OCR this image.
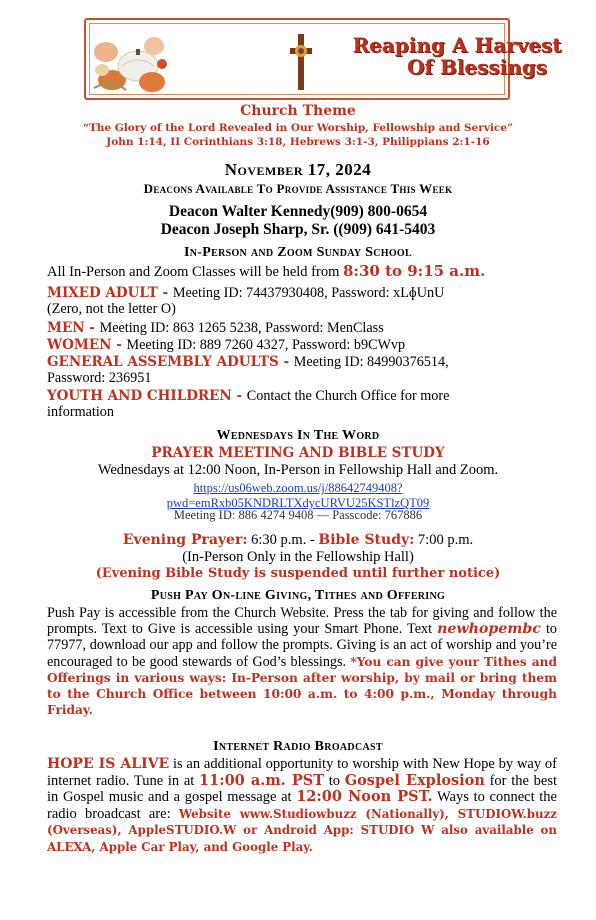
Reaping A Harvest
Of Blessings
Church Theme
“The Glory of the Lord Revealed in Our Worship, Fellowship and Service”
John 1:14, II Corinthians 3:18, Hebrews 3:1-3, Philippians 2:1-16
November 17, 2024
Deacons Available To Provide Assistance This Week
Deacon Walter Kennedy(909) 800-0654
Deacon Joseph Sharp, Sr. ((909) 641-5403
In-Person and Zoom Sunday School
All In-Person and Zoom Classes will be held from 8:30 to 9:15 a.m.
MIXED ADULT - Meeting ID: 74437930408, Password: xLɸUnU
(Zero, not the letter O)
MEN - Meeting ID: 863 1265 5238, Password: MenClass
WOMEN - Meeting ID: 889 7260 4327, Password: b9CWvp
GENERAL ASSEMBLY ADULTS - Meeting ID: 84990376514,
Password: 236951
YOUTH AND CHILDREN - Contact the Church Office for more
information
Wednesdays In The Word
PRAYER MEETING AND BIBLE STUDY
Wednesdays at 12:00 Noon, In-Person in Fellowship Hall and Zoom.
https://us06web.zoom.us/j/88642749408?
pwd=emRxb05KNDRLTXdycURVU25KSTlzQT09
Meeting ID: 886 4274 9408 — Passcode: 767886
Evening Prayer: 6:30 p.m. - Bible Study: 7:00 p.m.
(In-Person Only in the Fellowship Hall)
(Evening Bible Study is suspended until further notice)
Push Pay On-line Giving, Tithes and Offering
Push Pay is accessible from the Church Website. Press the tab for giving and follow the prompts. Text to Give is accessible using your Smart Phone. Text newhopembc to 77977, download our app and follow the prompts. Giving is an act of worship and you’re encouraged to be good stewards of God’s blessings. *You can give your Tithes and Offerings in various ways: In-Person after worship, by mail or bring them to the Church Office between 10:00 a.m. to 4:00 p.m., Monday through Friday.
Internet Radio Broadcast
HOPE IS ALIVE is an additional opportunity to worship with New Hope by way of internet radio. Tune in at 11:00 a.m. PST to Gospel Explosion for the best in Gospel music and a gospel message at 12:00 Noon PST. Ways to connect the radio broadcast are: Website www.Studiowbuzz (Nationally), STUDIOW.buzz (Overseas), AppleSTUDIO.W or Android App: STUDIO W also available on ALEXA, Apple Car Play, and Google Play.
